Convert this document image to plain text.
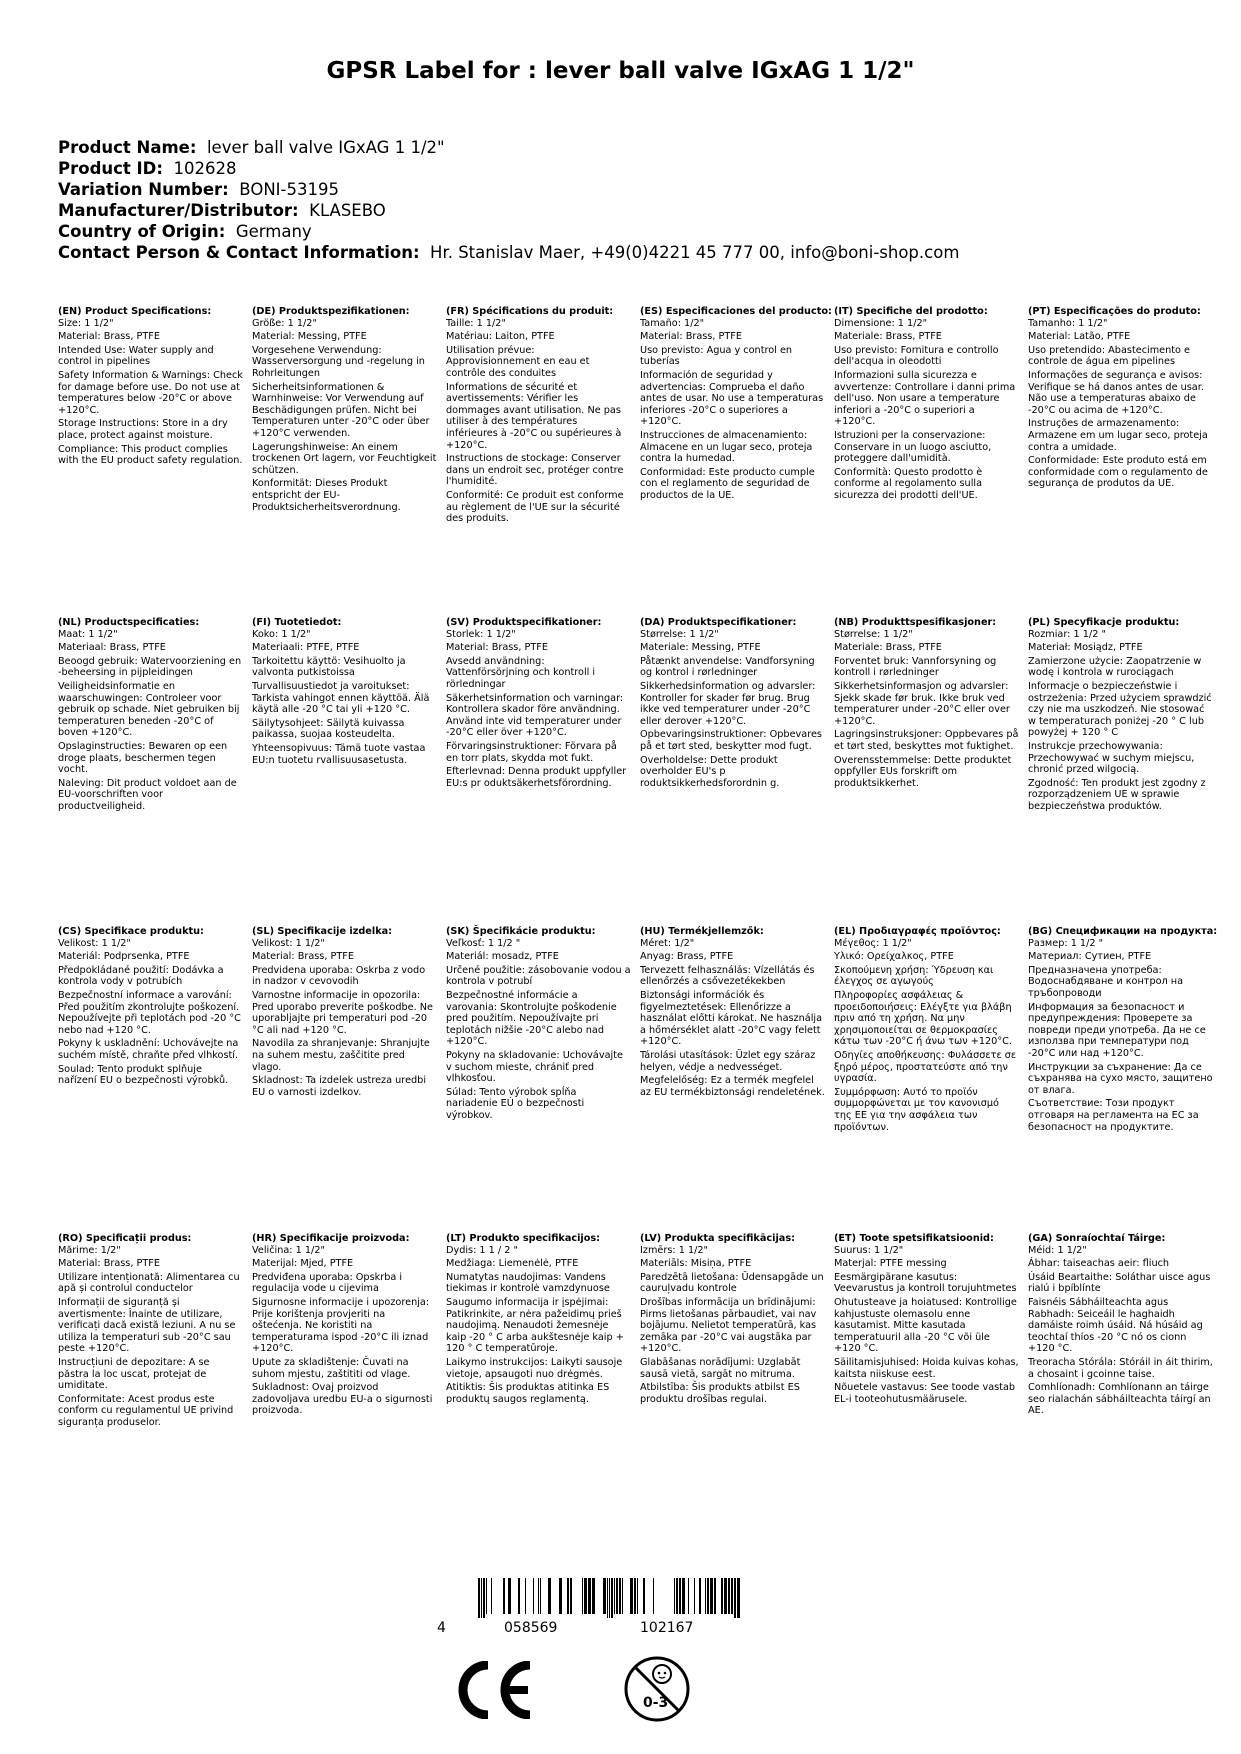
GPSR Label for : lever ball valve IGxAG 1 1/2"
Product Name: lever ball valve IGxAG 1 1/2"
Product ID: 102628
Variation Number: BONI-53195
Manufacturer/Distributor: KLASEBO
Country of Origin: Germany
Contact Person & Contact Information: Hr. Stanislav Maer, +49(0)4221 45 777 00, info@boni-shop.com
(EN) Product Specifications:
Size: 1 1/2"
Material: Brass, PTFE
Intended Use: Water supply and control in pipelines
Safety Information & Warnings: Check for damage before use. Do not use at temperatures below -20°C or above +120°C.
Storage Instructions: Store in a dry place, protect against moisture.
Compliance: This product complies with the EU product safety regulation.
(DE) Produktspezifikationen:
Größe: 1 1/2"
Material: Messing, PTFE
Vorgesehene Verwendung: Wasserversorgung und -regelung in Rohrleitungen
Sicherheitsinformationen & Warnhinweise: Vor Verwendung auf Beschädigungen prüfen. Nicht bei Temperaturen unter -20°C oder über +120°C verwenden.
Lagerungshinweise: An einem trockenen Ort lagern, vor Feuchtigkeit schützen.
Konformität: Dieses Produkt entspricht der EU-Produktsicherheitsverordnung.
(FR) Spécifications du produit:
Taille: 1 1/2"
Matériau: Laiton, PTFE
Utilisation prévue: Approvisionnement en eau et contrôle des conduites
Informations de sécurité et avertissements: Vérifier les dommages avant utilisation. Ne pas utiliser à des températures inférieures à -20°C ou supérieures à +120°C.
Instructions de stockage: Conserver dans un endroit sec, protéger contre l'humidité.
Conformité: Ce produit est conforme au règlement de l'UE sur la sécurité des produits.
(ES) Especificaciones del producto:
Tamaño: 1/2"
Material: Brass, PTFE
Uso previsto: Agua y control en tuberías
Información de seguridad y advertencias: Comprueba el daño antes de usar. No use a temperaturas inferiores -20°C o superiores a +120°C.
Instrucciones de almacenamiento: Almacene en un lugar seco, proteja contra la humedad.
Conformidad: Este producto cumple con el reglamento de seguridad de productos de la UE.
(IT) Specifiche del prodotto:
Dimensione: 1 1/2"
Materiale: Brass, PTFE
Uso previsto: Fornitura e controllo dell'acqua in oleodotti
Informazioni sulla sicurezza e avvertenze: Controllare i danni prima dell'uso. Non usare a temperature inferiori a -20°C o superiori a +120°C.
Istruzioni per la conservazione: Conservare in un luogo asciutto, proteggere dall'umidità.
Conformità: Questo prodotto è conforme al regolamento sulla sicurezza dei prodotti dell'UE.
(PT) Especificações do produto:
Tamanho: 1 1/2"
Material: Latão, PTFE
Uso pretendido: Abastecimento e controle de água em pipelines
Informações de segurança e avisos: Verifique se há danos antes de usar. Não use a temperaturas abaixo de -20°C ou acima de +120°C.
Instruções de armazenamento: Armazene em um lugar seco, proteja contra a umidade.
Conformidade: Este produto está em conformidade com o regulamento de segurança de produtos da UE.
(NL) Productspecificaties:
Maat: 1 1/2"
Materiaal: Brass, PTFE
Beoogd gebruik: Watervoorziening en -beheersing in pijpleidingen
Veiligheidsinformatie en waarschuwingen: Controleer voor gebruik op schade. Niet gebruiken bij temperaturen beneden -20°C of boven +120°C.
Opslaginstructies: Bewaren op een droge plaats, beschermen tegen vocht.
Naleving: Dit product voldoet aan de EU-voorschriften voor productveiligheid.
(FI) Tuotetiedot:
Koko: 1 1/2"
Materiaali: PTFE, PTFE
Tarkoitettu käyttö: Vesihuolto ja valvonta putkistoissa
Turvallisuustiedot ja varoitukset: Tarkista vahingot ennen käyttöä. Älä käytä alle -20 °C tai yli +120 °C.
Säilytysohjeet: Säilytä kuivassa paikassa, suojaa kosteudelta.
Yhteensopivuus: Tämä tuote vastaa EU:n tuotetu rvallisuusasetusta.
(SV) Produktspecifikationer:
Storlek: 1 1/2"
Material: Brass, PTFE
Avsedd användning: Vattenförsörjning och kontroll i rörledningar
Säkerhetsinformation och varningar: Kontrollera skador före användning. Använd inte vid temperaturer under -20°C eller över +120°C.
Förvaringsinstruktioner: Förvara på en torr plats, skydda mot fukt.
Efterlevnad: Denna produkt uppfyller EU:s pr oduktsäkerhetsförordning.
(DA) Produktspecifikationer:
Størrelse: 1 1/2"
Materiale: Messing, PTFE
Påtænkt anvendelse: Vandforsyning og kontrol i rørledninger
Sikkerhedsinformation og advarsler: Kontroller for skader før brug. Brug ikke ved temperaturer under -20°C eller derover +120°C.
Opbevaringsinstruktioner: Opbevares på et tørt sted, beskytter mod fugt.
Overholdelse: Dette produkt overholder EU's p roduktsikkerhedsforordnin g.
(NB) Produkttspesifikasjoner:
Størrelse: 1 1/2"
Materiale: Brass, PTFE
Forventet bruk: Vannforsyning og kontroll i rørledninger
Sikkerhetsinformasjon og advarsler: Sjekk skade før bruk. Ikke bruk ved temperaturer under -20°C eller over +120°C.
Lagringsinstruksjoner: Oppbevares på et tørt sted, beskyttes mot fuktighet.
Overensstemmelse: Dette produktet oppfyller EUs forskrift om produktsikkerhet.
(PL) Specyfikacje produktu:
Rozmiar: 1 1/2 "
Materiał: Mosiądz, PTFE
Zamierzone użycie: Zaopatrzenie w wodę i kontrola w rurociągach
Informacje o bezpieczeństwie i ostrzeżenia: Przed użyciem sprawdzić czy nie ma uszkodzeń. Nie stosować w temperaturach poniżej -20 ° C lub powyżej + 120 ° C
Instrukcje przechowywania: Przechowywać w suchym miejscu, chronić przed wilgocią.
Zgodność: Ten produkt jest zgodny z rozporządzeniem UE w sprawie bezpieczeństwa produktów.
(CS) Specifikace produktu:
Velikost: 1 1/2"
Materiál: Podprsenka, PTFE
Předpokládané použití: Dodávka a kontrola vody v potrubích
Bezpečnostní informace a varování: Před použitím zkontrolujte poškození. Nepoužívejte při teplotách pod -20 °C nebo nad +120 °C.
Pokyny k uskladnění: Uchovávejte na suchém místě, chraňte před vlhkostí.
Soulad: Tento produkt splňuje nařízení EU o bezpečnosti výrobků.
(SL) Specifikacije izdelka:
Velikost: 1 1/2"
Material: Brass, PTFE
Predvidena uporaba: Oskrba z vodo in nadzor v cevovodih
Varnostne informacije in opozorila: Pred uporabo preverite poškodbe. Ne uporabljajte pri temperaturi pod -20 °C ali nad +120 °C.
Navodila za shranjevanje: Shranjujte na suhem mestu, zaščitite pred vlago.
Skladnost: Ta izdelek ustreza uredbi EU o varnosti izdelkov.
(SK) Špecifikácie produktu:
Veľkosť: 1 1/2 "
Materiál: mosadz, PTFE
Určené použitie: zásobovanie vodou a kontrola v potrubí
Bezpečnostné informácie a varovania: Skontrolujte poškodenie pred použitím. Nepoužívajte pri teplotách nižšie -20°C alebo nad +120°C.
Pokyny na skladovanie: Uchovávajte v suchom mieste, chrániť pred vlhkosťou.
Súlad: Tento výrobok spĺňa nariadenie EÚ o bezpečnosti výrobkov.
(HU) Termékjellemzők:
Méret: 1/2"
Anyag: Brass, PTFE
Tervezett felhasználás: Vízellátás és ellenőrzés a csővezetékekben
Biztonsági információk és figyelmeztetések: Ellenőrizze a használat előtti károkat. Ne használja a hőmérséklet alatt -20°C vagy felett +120°C.
Tárolási utasítások: Üzlet egy száraz helyen, védje a nedvességet.
Megfelelőség: Ez a termék megfelel az EU termékbiztonsági rendeletének.
(EL) Προδιαγραφές προϊόντος:
Μέγεθος: 1 1/2"
Υλικό: Ορείχαλκος, PTFE
Σκοπούμενη χρήση: Ύδρευση και έλεγχος σε αγωγούς
Πληροφορίες ασφάλειας & προειδοποιήσεις: Ελέγξτε για βλάβη πριν από τη χρήση. Να μην χρησιμοποιείται σε θερμοκρασίες κάτω των -20°C ή άνω των +120°C.
Οδηγίες αποθήκευσης: Φυλάσσετε σε ξηρό μέρος, προστατεύστε από την υγρασία.
Συμμόρφωση: Αυτό το προϊόν συμμορφώνεται με τον κανονισμό της ΕΕ για την ασφάλεια των προϊόντων.
(BG) Спецификации на продукта:
Размер: 1 1/2 "
Материал: Сутиен, PTFE
Предназначена употреба: Водоснабдяване и контрол на тръбопроводи
Информация за безопасност и предупреждения: Проверете за повреди преди употреба. Да не се използва при температури под -20°C или над +120°C.
Инструкции за съхранение: Да се съхранява на сухо място, защитено от влага.
Съответствие: Този продукт отговаря на регламента на ЕС за безопасност на продуктите.
(RO) Specificații produs:
Mărime: 1/2"
Material: Brass, PTFE
Utilizare intenționată: Alimentarea cu apă și controlul conductelor
Informații de siguranță și avertismente: Înainte de utilizare, verificați dacă există leziuni. A nu se utiliza la temperaturi sub -20°C sau peste +120°C.
Instrucțiuni de depozitare: A se păstra la loc uscat, protejat de umiditate.
Conformitate: Acest produs este conform cu regulamentul UE privind siguranța produselor.
(HR) Specifikacije proizvoda:
Veličina: 1 1/2"
Materijal: Mjed, PTFE
Predviđena uporaba: Opskrba i regulacija vode u cijevima
Sigurnosne informacije i upozorenja: Prije korištenja provjeriti na oštećenja. Ne koristiti na temperaturama ispod -20°C ili iznad +120°C.
Upute za skladištenje: Čuvati na suhom mjestu, zaštititi od vlage.
Sukladnost: Ovaj proizvod zadovoljava uredbu EU-a o sigurnosti proizvoda.
(LT) Produkto specifikacijos:
Dydis: 1 1 / 2 "
Medžiaga: Liemenėlė, PTFE
Numatytas naudojimas: Vandens tiekimas ir kontrolė vamzdynuose
Saugumo informacija ir įspėjimai: Patikrinkite, ar nėra pažeidimų prieš naudojimą. Nenaudoti žemesnėje kaip -20 ° C arba aukštesnėje kaip + 120 ° C temperatūroje.
Laikymo instrukcijos: Laikyti sausoje vietoje, apsaugoti nuo drėgmės.
Atitiktis: Šis produktas atitinka ES produktų saugos reglamentą.
(LV) Produkta specifikācijas:
Izmērs: 1 1/2"
Materiāls: Misiņa, PTFE
Paredzētā lietošana: Ūdensapgāde un cauruļvadu kontrole
Drošības informācija un brīdinājumi: Pirms lietošanas pārbaudiet, vai nav bojājumu. Nelietot temperatūrā, kas zemāka par -20°C vai augstāka par +120°C.
Glabāšanas norādījumi: Uzglabāt sausā vietā, sargāt no mitruma.
Atbilstība: Šis produkts atbilst ES produktu drošības regulai.
(ET) Toote spetsifikatsioonid:
Suurus: 1 1/2"
Materjal: PTFE messing
Eesmärgipärane kasutus: Veevarustus ja kontroll torujuhtmetes
Ohutusteave ja hoiatused: Kontrollige kahjustuste olemasolu enne kasutamist. Mitte kasutada temperatuuril alla -20 °C või üle +120 °C.
Säilitamisjuhised: Hoida kuivas kohas, kaitsta niiskuse eest.
Nõuetele vastavus: See toode vastab EL-i tooteohutusmäärusele.
(GA) Sonraíochtaí Táirge:
Méid: 1 1/2"
Ábhar: taiseachas aeir: fliuch
Úsáid Beartaithe: Soláthar uisce agus rialú i bpíblínte
Faisnéis Sábháilteachta agus Rabhadh: Seiceáil le haghaidh damáiste roimh úsáid. Ná húsáid ag teochtaí thíos -20 °C nó os cionn +120 °C.
Treoracha Stórála: Stóráil in áit thirim, a chosaint i gcoinne taise.
Comhlíonadh: Comhlíonann an táirge seo rialachán sábháilteachta táirgí an AE.
4	058569	102167
0-3
